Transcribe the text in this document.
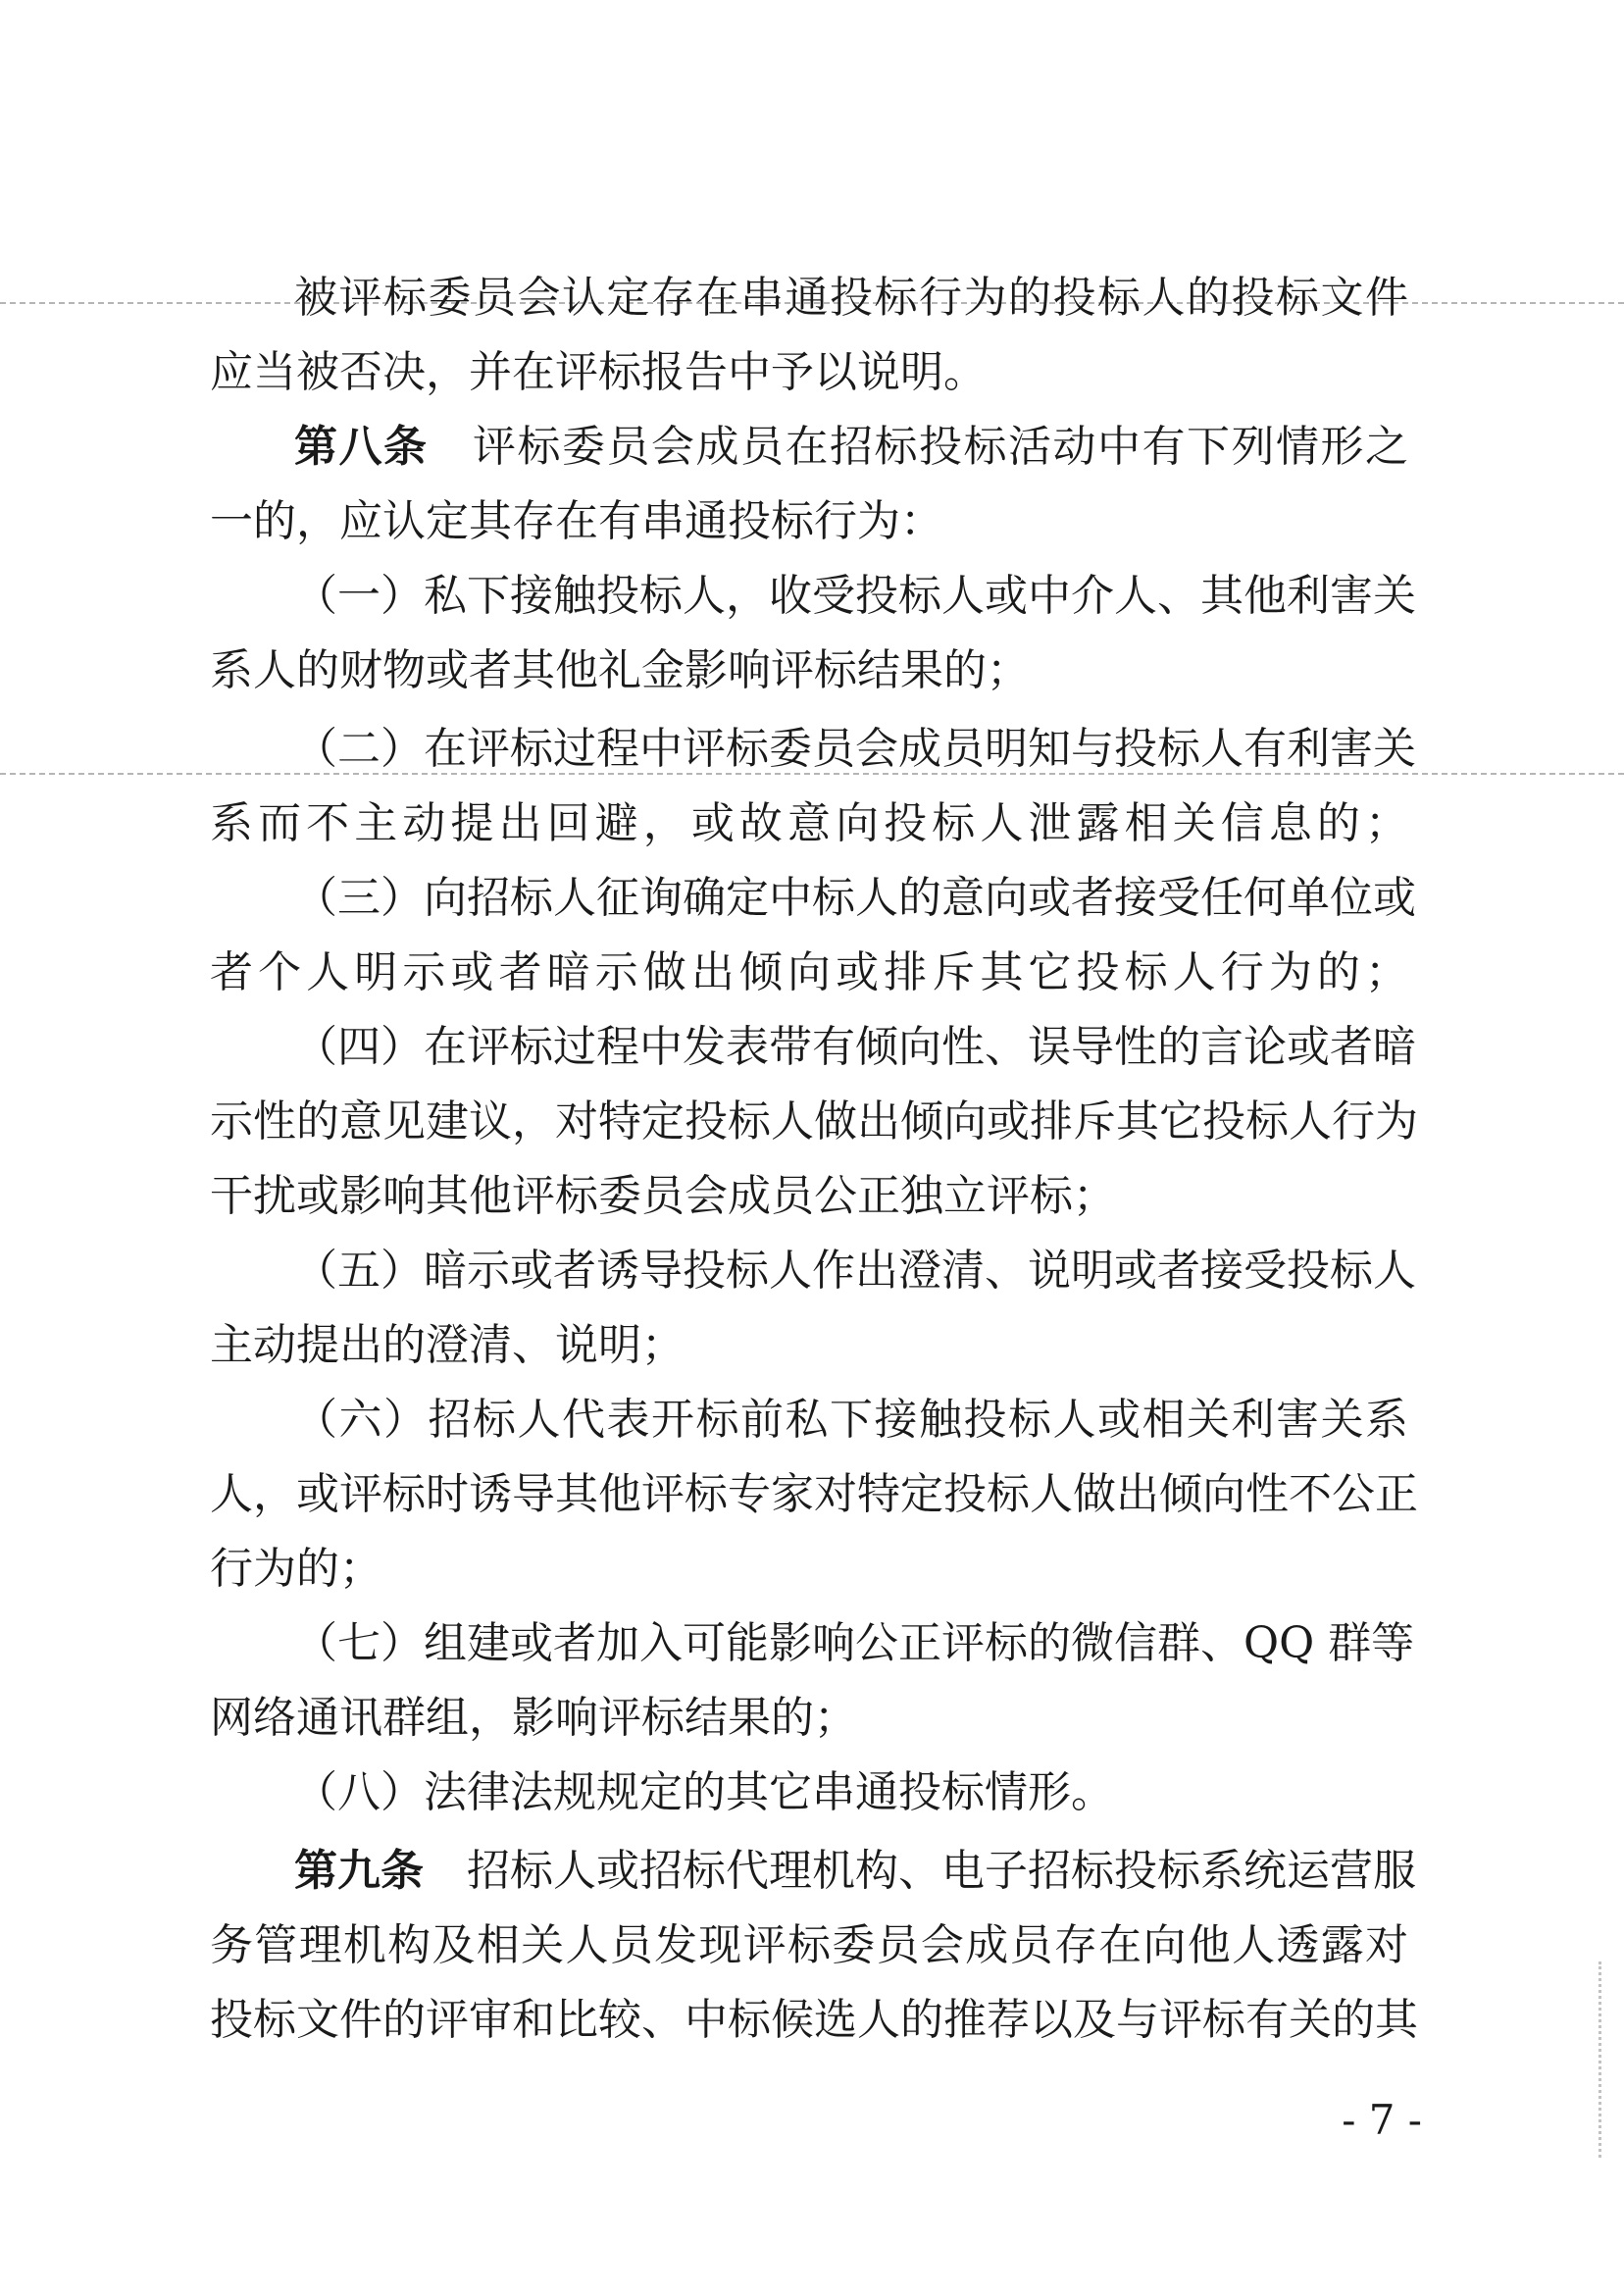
被评标委员会认定存在串通投标行为的投标人的投标文件

应当被否决，并在评标报告中予以说明。

第八条 评标委员会成员在招标投标活动中有下列情形之

一的，应认定其存在有串通投标行为：

（一）私下接触投标人，收受投标人或中介人、其他利害关

系人的财物或者其他礼金影响评标结果的；

（二）在评标过程中评标委员会成员明知与投标人有利害关

系而不主动提出回避，或故意向投标人泄露相关信息的；

（三）向招标人征询确定中标人的意向或者接受任何单位或

者个人明示或者暗示做出倾向或排斥其它投标人行为的；

（四）在评标过程中发表带有倾向性、误导性的言论或者暗

示性的意见建议，对特定投标人做出倾向或排斥其它投标人行为

干扰或影响其他评标委员会成员公正独立评标；

（五）暗示或者诱导投标人作出澄清、说明或者接受投标人

主动提出的澄清、说明；

（六）招标人代表开标前私下接触投标人或相关利害关系

人，或评标时诱导其他评标专家对特定投标人做出倾向性不公正

行为的；

（七）组建或者加入可能影响公正评标的微信群、QQ 群等

网络通讯群组，影响评标结果的；

（八）法律法规规定的其它串通投标情形。

第九条 招标人或招标代理机构、电子招标投标系统运营服

务管理机构及相关人员发现评标委员会成员存在向他人透露对

投标文件的评审和比较、中标候选人的推荐以及与评标有关的其

- 7 -
